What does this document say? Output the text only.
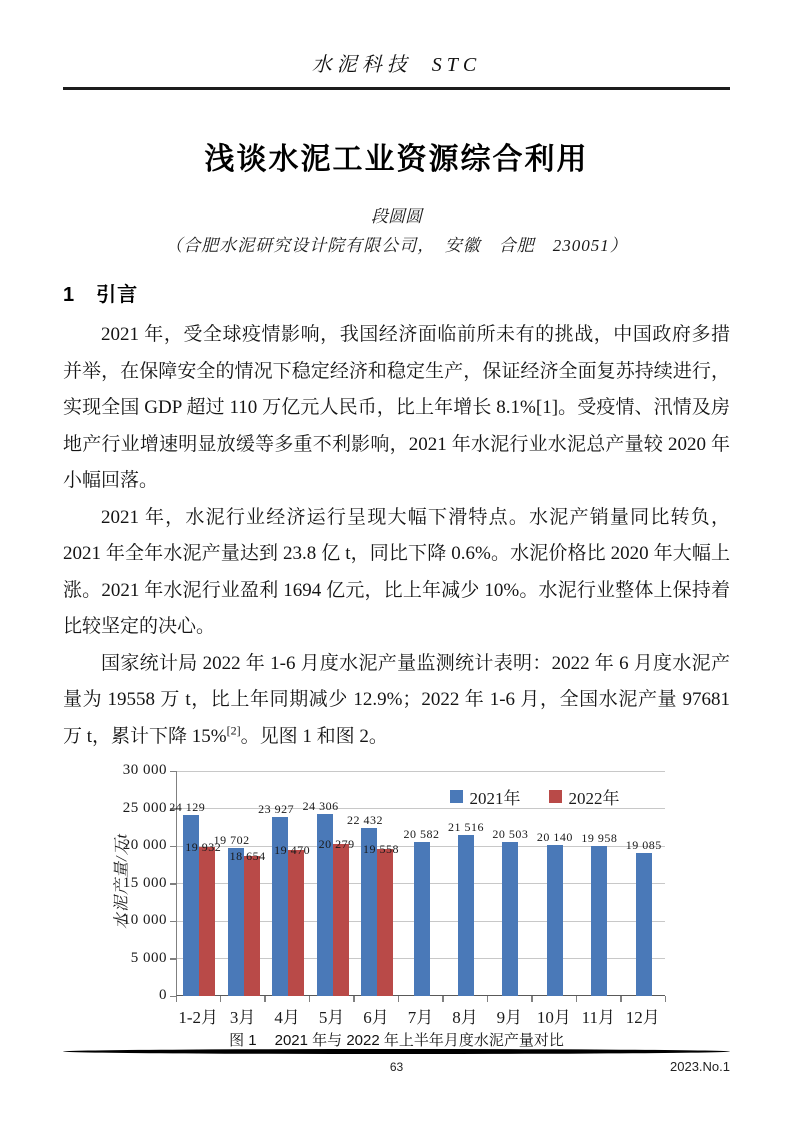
水泥科技 STC
浅谈水泥工业资源综合利用
段圆圆
（合肥水泥研究设计院有限公司，　安徽　合肥　230051）
1　引言

2021 年，受全球疫情影响，我国经济面临前所未有的挑战，中国政府多措并举，在保障安全的情况下稳定经济和稳定生产，保证经济全面复苏持续进行，实现全国 GDP 超过 110 万亿元人民币，比上年增长 8.1%[1]。受疫情、汛情及房地产行业增速明显放缓等多重不利影响，2021 年水泥行业水泥总产量较 2020 年小幅回落。

2021 年，水泥行业经济运行呈现大幅下滑特点。水泥产销量同比转负，2021 年全年水泥产量达到 23.8 亿 t，同比下降 0.6%。水泥价格比 2020 年大幅上涨。2021 年水泥行业盈利 1694 亿元，比上年减少 10%。水泥行业整体上保持着比较坚定的决心。

国家统计局 2022 年 1-6 月度水泥产量监测统计表明：2022 年 6 月度水泥产量为 19558 万 t，比上年同期减少 12.9%；2022 年 1-6 月，全国水泥产量 97681 万 t，累计下降 15%[2]。见图 1 和图 2。

水泥产量/万t
2021年	2022年
24 129
19 932
19 702
18 654
23 927
19 470
24 306
20 279
22 432
19 558
20 582 21 516
20 503 20 140 19 958 19 085
0
5 000
10 000
15 000
20 000
25 000
30 000
1-2月 3月 4月 5月 6月 7月 8月 9月 10月 11月 12月
图 1 2021 年与 2022 年上半年月度水泥产量对比
63	2023.No.1
